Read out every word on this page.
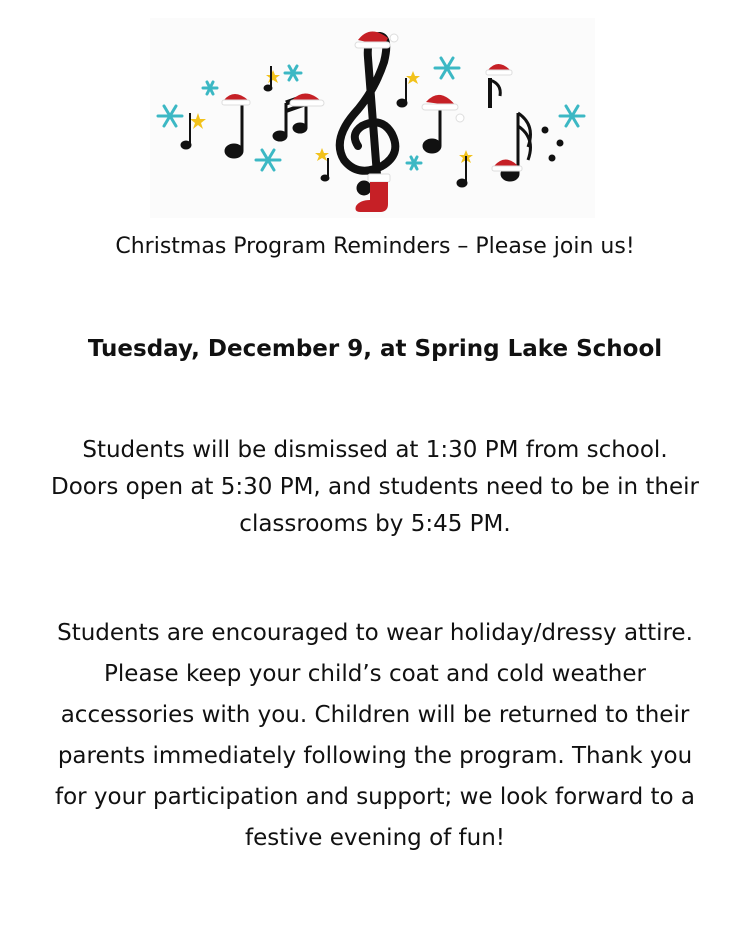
Christmas Program Reminders – Please join us!
Tuesday, December 9, at Spring Lake School
Students will be dismissed at 1:30 PM from school.
Doors open at 5:30 PM, and students need to be in their
classrooms by 5:45 PM.
Students are encouraged to wear holiday/dressy attire.
Please keep your child’s coat and cold weather
accessories with you. Children will be returned to their
parents immediately following the program. Thank you
for your participation and support; we look forward to a
festive evening of fun!
